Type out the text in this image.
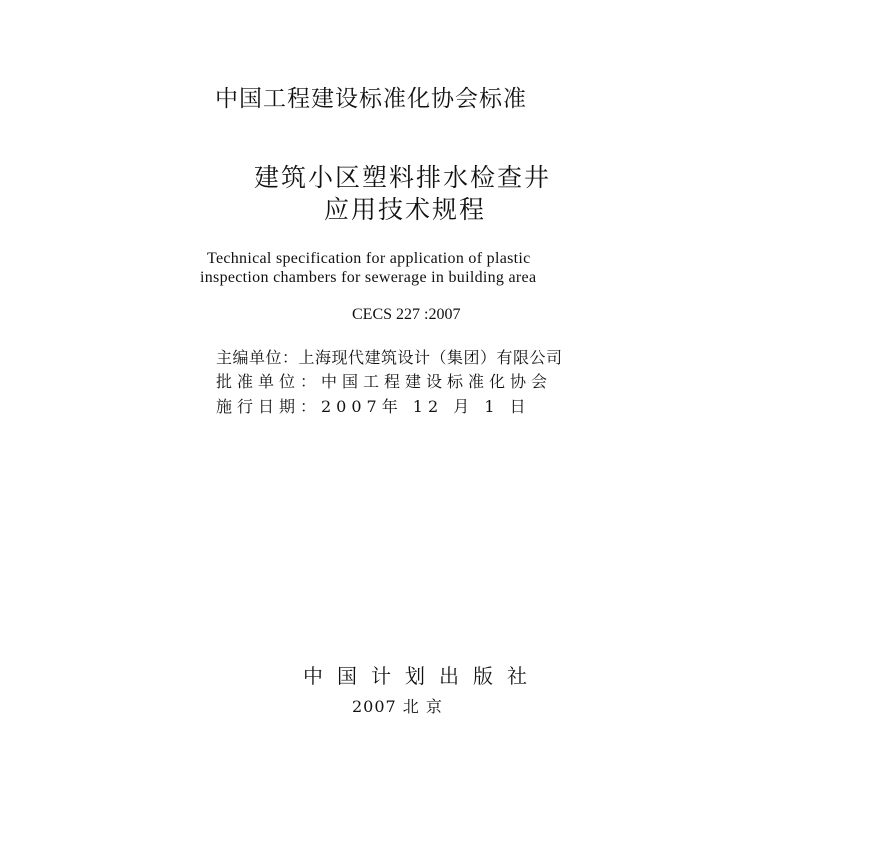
中国工程建设标准化协会标准
建筑小区塑料排水检查井
应用技术规程
Technical specification for application of plastic
inspection chambers for sewerage in building area
CECS 227 :2007
主编单位：上海现代建筑设计（集团）有限公司
批准单位：中国工程建设标准化协会
施行日期：2007年 12 月 1 日
中国计划出版社
2007 北 京
